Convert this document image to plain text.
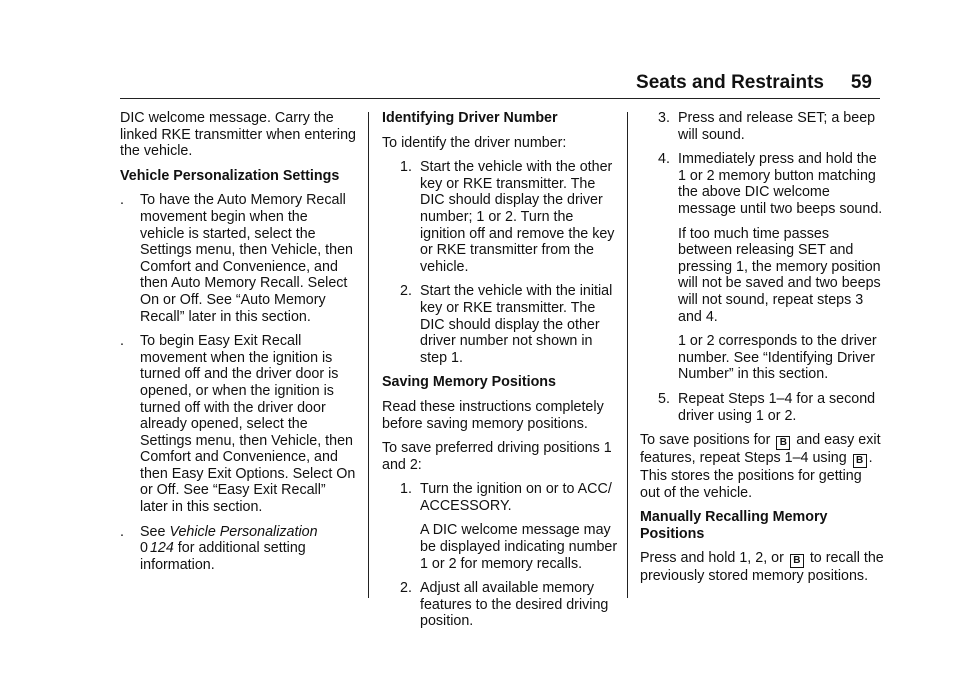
Seats and Restraints 59

DIC welcome message. Carry the linked RKE transmitter when entering the vehicle.

Vehicle Personalization Settings

.	To have the Auto Memory Recall movement begin when the vehicle is started, select the Settings menu, then Vehicle, then Comfort and Convenience, and then Auto Memory Recall. Select On or Off. See “Auto Memory Recall” later in this section.
.	To begin Easy Exit Recall movement when the ignition is turned off and the driver door is opened, or when the ignition is turned off with the driver door already opened, select the Settings menu, then Vehicle, then Comfort and Convenience, and then Easy Exit Options. Select On or Off. See “Easy Exit Recall” later in this section.
.	See Vehicle Personalization
0 124 for additional setting information.

Identifying Driver Number

To identify the driver number:

1. Start the vehicle with the other key or RKE transmitter. The DIC should display the driver number; 1 or 2. Turn the ignition off and remove the key or RKE transmitter from the vehicle.
2. Start the vehicle with the initial key or RKE transmitter. The DIC should display the other driver number not shown in step 1.

Saving Memory Positions

Read these instructions completely before saving memory positions.

To save preferred driving positions 1 and 2:

1. Turn the ignition on or to ACC/ ACCESSORY.

A DIC welcome message may be displayed indicating number 1 or 2 for memory recalls.

2. Adjust all available memory features to the desired driving position.
3. Press and release SET; a beep will sound.
4. Immediately press and hold the 1 or 2 memory button matching the above DIC welcome message until two beeps sound.

If too much time passes between releasing SET and pressing 1, the memory position will not be saved and two beeps will not sound, repeat steps 3 and 4.

1 or 2 corresponds to the driver number. See “Identifying Driver Number” in this section.

5. Repeat Steps 1–4 for a second driver using 1 or 2.

To save positions for B and easy exit features, repeat Steps 1–4 using B . This stores the positions for getting out of the vehicle.

Manually Recalling Memory Positions

Press and hold 1, 2, or B to recall the previously stored memory positions.
